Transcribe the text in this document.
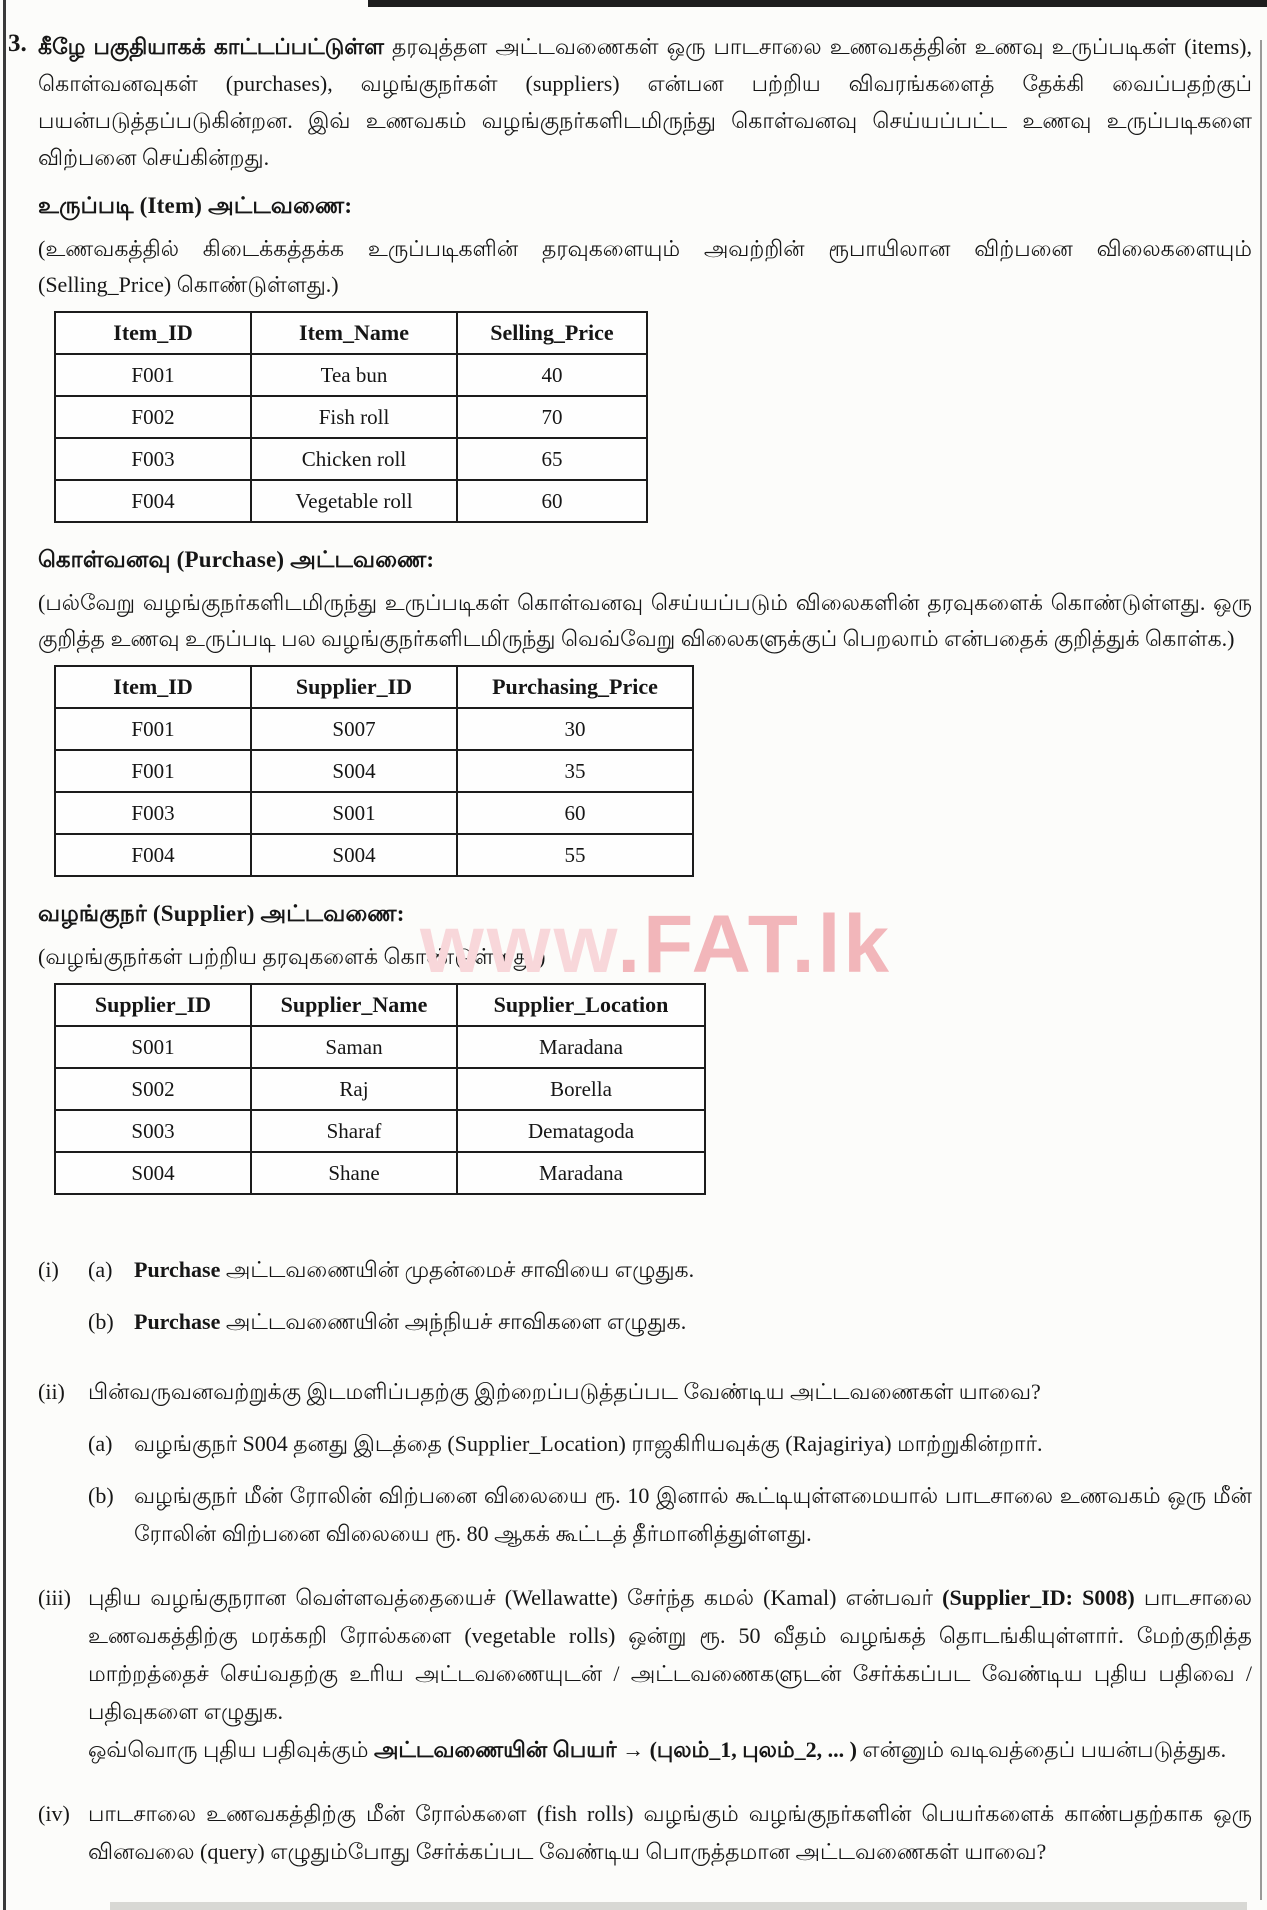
3.
www.FAT.lk
கீழே பகுதியாகக் காட்டப்பட்டுள்ள தரவுத்தள அட்டவணைகள் ஒரு பாடசாலை உணவகத்தின் உணவு உருப்படிகள் (items), கொள்வனவுகள் (purchases), வழங்குநர்கள் (suppliers) என்பன பற்றிய விவரங்களைத் தேக்கி வைப்பதற்குப் பயன்படுத்தப்படுகின்றன. இவ் உணவகம் வழங்குநர்களிடமிருந்து கொள்வனவு செய்யப்பட்ட உணவு உருப்படிகளை விற்பனை செய்கின்றது.
உருப்படி (Item) அட்டவணை:
(உணவகத்தில் கிடைக்கத்தக்க உருப்படிகளின் தரவுகளையும் அவற்றின் ரூபாயிலான விற்பனை விலைகளையும் (Selling_Price) கொண்டுள்ளது.)
Item_ID	Item_Name	Selling_Price
F001	Tea bun	40
F002	Fish roll	70
F003	Chicken roll	65
F004	Vegetable roll	60
கொள்வனவு (Purchase) அட்டவணை:
(பல்வேறு வழங்குநர்களிடமிருந்து உருப்படிகள் கொள்வனவு செய்யப்படும் விலைகளின் தரவுகளைக் கொண்டுள்ளது. ஒரு குறித்த உணவு உருப்படி பல வழங்குநர்களிடமிருந்து வெவ்வேறு விலைகளுக்குப் பெறலாம் என்பதைக் குறித்துக் கொள்க.)
Item_ID	Supplier_ID	Purchasing_Price
F001	S007	30
F001	S004	35
F003	S001	60
F004	S004	55
வழங்குநர் (Supplier) அட்டவணை:
(வழங்குநர்கள் பற்றிய தரவுகளைக் கொண்டுள்ளது.)
Supplier_ID	Supplier_Name	Supplier_Location
S001	Saman	Maradana
S002	Raj	Borella
S003	Sharaf	Dematagoda
S004	Shane	Maradana
(i)	(a) Purchase அட்டவணையின் முதன்மைச் சாவியை எழுதுக.
(b) Purchase அட்டவணையின் அந்நியச் சாவிகளை எழுதுக.
(ii)	பின்வருவனவற்றுக்கு இடமளிப்பதற்கு இற்றைப்படுத்தப்பட வேண்டிய அட்டவணைகள் யாவை?
(a) வழங்குநர் S004 தனது இடத்தை (Supplier_Location) ராஜகிரியவுக்கு (Rajagiriya) மாற்றுகின்றார்.
(b) வழங்குநர் மீன் ரோலின் விற்பனை விலையை ரூ. 10 இனால் கூட்டியுள்ளமையால் பாடசாலை உணவகம் ஒரு மீன் ரோலின் விற்பனை விலையை ரூ. 80 ஆகக் கூட்டத் தீர்மானித்துள்ளது.
(iii) புதிய வழங்குநரான வெள்ளவத்தையைச் (Wellawatte) சேர்ந்த கமல் (Kamal) என்பவர் (Supplier_ID: S008) பாடசாலை உணவகத்திற்கு மரக்கறி ரோல்களை (vegetable rolls) ஒன்று ரூ. 50 வீதம் வழங்கத் தொடங்கியுள்ளார். மேற்குறித்த மாற்றத்தைச் செய்வதற்கு உரிய அட்டவணையுடன் / அட்டவணைகளுடன் சேர்க்கப்பட வேண்டிய புதிய பதிவை / பதிவுகளை எழுதுக.
ஒவ்வொரு புதிய பதிவுக்கும் அட்டவணையின் பெயர் → (புலம்_1, புலம்_2, ... ) என்னும் வடிவத்தைப் பயன்படுத்துக.
(iv) பாடசாலை உணவகத்திற்கு மீன் ரோல்களை (fish rolls) வழங்கும் வழங்குநர்களின் பெயர்களைக் காண்பதற்காக ஒரு வினவலை (query) எழுதும்போது சேர்க்கப்பட வேண்டிய பொருத்தமான அட்டவணைகள் யாவை?
